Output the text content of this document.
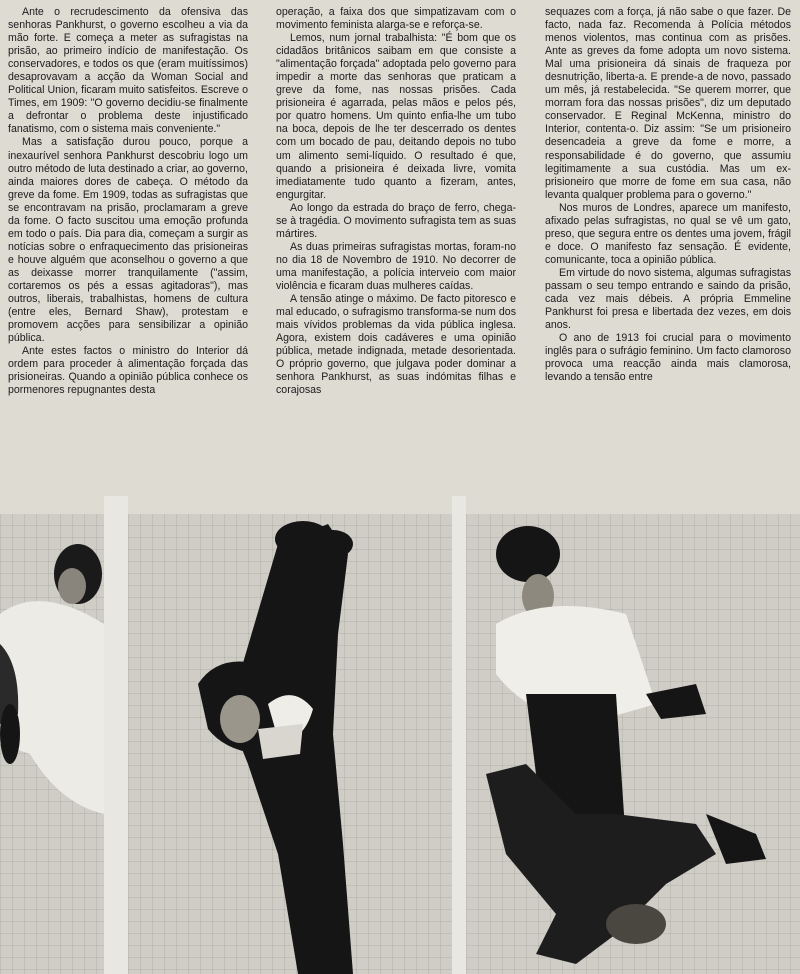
Ante o recrudescimento da ofensiva das senhoras Pankhurst, o governo escolheu a via da mão forte. E começa a meter as sufragistas na prisão, ao primeiro indício de manifestação. Os conservadores, e todos os que (eram muitíssimos) desaprovavam a acção da Woman Social and Political Union, ficaram muito satisfeitos. Escreve o Times, em 1909: "O governo decidiu-se finalmente a defrontar o problema deste injustificado fanatismo, com o sistema mais conveniente."

Mas a satisfação durou pouco, porque a inexaurível senhora Pankhurst descobriu logo um outro método de luta destinado a criar, ao governo, ainda maiores dores de cabeça. O método da greve da fome. Em 1909, todas as sufragistas que se encontravam na prisão, proclamaram a greve da fome. O facto suscitou uma emoção profunda em todo o país. Dia para dia, começam a surgir as notícias sobre o enfraquecimento das prisioneiras e houve alguém que aconselhou o governo a que as deixasse morrer tranquilamente ("assim, cortaremos os pés a essas agitadoras"), mas outros, liberais, trabalhistas, homens de cultura (entre eles, Bernard Shaw), protestam e promovem acções para sensibilizar a opinião pública.

Ante estes factos o ministro do Interior dá ordem para proceder à alimentação forçada das prisioneiras. Quando a opinião pública conhece os pormenores repugnantes desta

operação, a faixa dos que simpatizavam com o movimento feminista alarga-se e reforça-se.

Lemos, num jornal trabalhista: "É bom que os cidadãos britânicos saibam em que consiste a "alimentação forçada" adoptada pelo governo para impedir a morte das senhoras que praticam a greve da fome, nas nossas prisões. Cada prisioneira é agarrada, pelas mãos e pelos pés, por quatro homens. Um quinto enfia-lhe um tubo na boca, depois de lhe ter descerrado os dentes com um bocado de pau, deitando depois no tubo um alimento semi-líquido. O resultado é que, quando a prisioneira é deixada livre, vomita imediatamente tudo quanto a fizeram, antes, engurgitar.

Ao longo da estrada do braço de ferro, chega-se à tragédia. O movimento sufragista tem as suas mártires.

As duas primeiras sufragistas mortas, foram-no no dia 18 de Novembro de 1910. No decorrer de uma manifestação, a polícia interveio com maior violência e ficaram duas mulheres caídas.

A tensão atinge o máximo. De facto pitoresco e mal educado, o sufragismo transforma-se num dos mais vívidos problemas da vida pública inglesa. Agora, existem dois cadáveres e uma opinião pública, metade indignada, metade desorientada. O próprio governo, que julgava poder dominar a senhora Pankhurst, as suas indómitas filhas e corajosas

sequazes com a força, já não sabe o que fazer. De facto, nada faz. Recomenda à Polícia métodos menos violentos, mas continua com as prisões. Ante as greves da fome adopta um novo sistema. Mal uma prisioneira dá sinais de fraqueza por desnutrição, liberta-a. E prende-a de novo, passado um mês, já restabelecida. "Se querem morrer, que morram fora das nossas prisões", diz um deputado conservador. E Reginal McKenna, ministro do Interior, contenta-o. Diz assim: "Se um prisioneiro desencadeia a greve da fome e morre, a responsabilidade é do governo, que assumiu legitimamente a sua custódia. Mas um ex-prisioneiro que morre de fome em sua casa, não levanta qualquer problema para o governo."

Nos muros de Londres, aparece um manifesto, afixado pelas sufragistas, no qual se vê um gato, preso, que segura entre os dentes uma jovem, frágil e doce. O manifesto faz sensação. É evidente, comunicante, toca a opinião pública.

Em virtude do novo sistema, algumas sufragistas passam o seu tempo entrando e saindo da prisão, cada vez mais débeis. A própria Emmeline Pankhurst foi presa e libertada dez vezes, em dois anos.

O ano de 1913 foi crucial para o movimento inglês para o sufrágio feminino. Um facto clamoroso provoca uma reacção ainda mais clamorosa, levando a tensão entre
